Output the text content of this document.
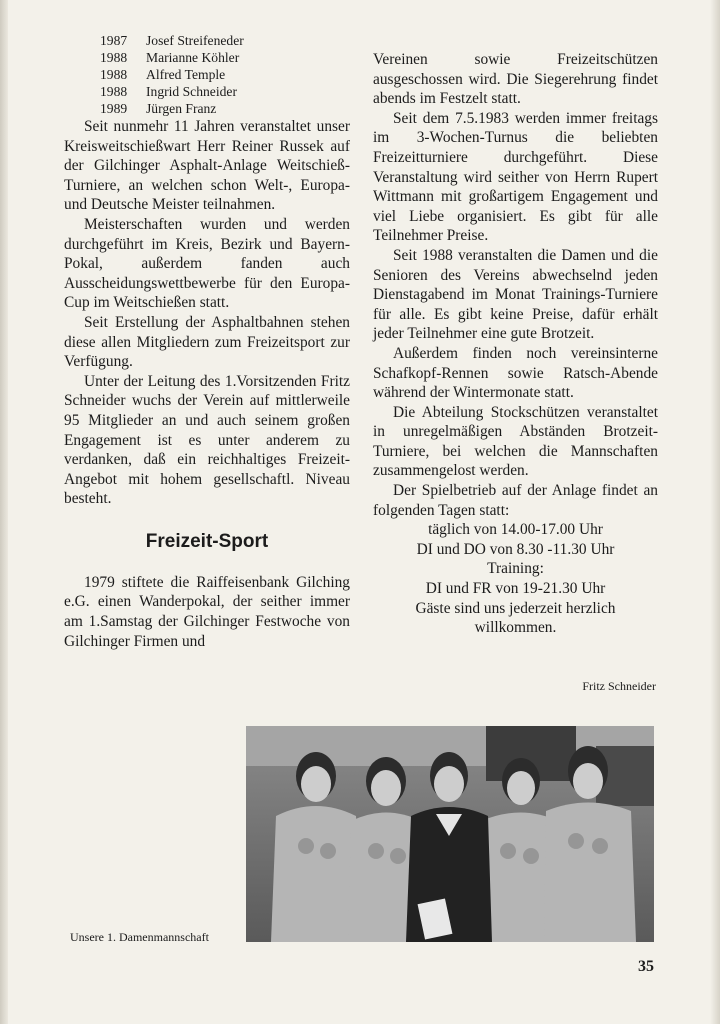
1987	Josef Streifeneder
1988	Marianne Köhler
1988	Alfred Temple
1988	Ingrid Schneider
1989	Jürgen Franz

Seit nunmehr 11 Jahren veranstaltet unser Kreisweitschießwart Herr Reiner Russek auf der Gilchinger Asphalt-Anlage Weitschieß-Turniere, an welchen schon Welt-, Europa- und Deutsche Meister teilnahmen.

Meisterschaften wurden und werden durchgeführt im Kreis, Bezirk und Bayern-Pokal, außerdem fanden auch Ausscheidungswettbewerbe für den Europa-Cup im Weitschießen statt.

Seit Erstellung der Asphaltbahnen stehen diese allen Mitgliedern zum Freizeitsport zur Verfügung.

Unter der Leitung des 1.Vorsitzenden Fritz Schneider wuchs der Verein auf mittlerweile 95 Mitglieder an und auch seinem großen Engagement ist es unter anderem zu verdanken, daß ein reichhaltiges Freizeit-Angebot mit hohem gesellschaftl. Niveau besteht.

Freizeit-Sport

1979 stiftete die Raiffeisenbank Gilching e.G. einen Wanderpokal, der seither immer am 1.Samstag der Gilchinger Festwoche von Gilchinger Firmen und

Vereinen sowie Freizeitschützen ausgeschossen wird. Die Siegerehrung findet abends im Festzelt statt.

Seit dem 7.5.1983 werden immer freitags im 3-Wochen-Turnus die beliebten Freizeitturniere durchgeführt. Diese Veranstaltung wird seither von Herrn Rupert Wittmann mit großartigem Engagement und viel Liebe organisiert. Es gibt für alle Teilnehmer Preise.

Seit 1988 veranstalten die Damen und die Senioren des Vereins abwechselnd jeden Dienstagabend im Monat Trainings-Turniere für alle. Es gibt keine Preise, dafür erhält jeder Teilnehmer eine gute Brotzeit.

Außerdem finden noch vereinsinterne Schafkopf-Rennen sowie Ratsch-Abende während der Wintermonate statt.

Die Abteilung Stockschützen veranstaltet in unregelmäßigen Abständen Brotzeit-Turniere, bei welchen die Mannschaften zusammengelost werden.

Der Spielbetrieb auf der Anlage findet an folgenden Tagen statt:

täglich von 14.00-17.00 Uhr

DI und DO von 8.30 -11.30 Uhr

Training:

DI und FR von 19-21.30 Uhr

Gäste sind uns jederzeit herzlich willkommen.

Fritz Schneider
Unsere 1. Damenmannschaft
35
